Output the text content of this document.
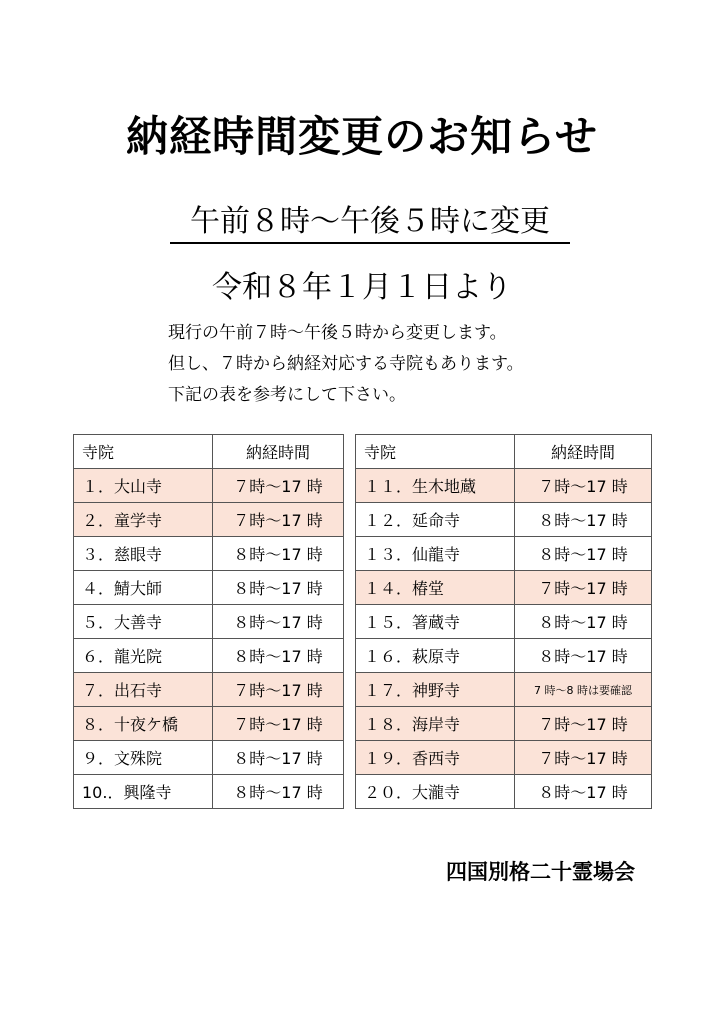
納経時間変更のお知らせ
午前８時～午後５時に変更
令和８年１月１日より
現行の午前７時～午後５時から変更します。
但し、７時から納経対応する寺院もあります。
下記の表を参考にして下さい。
寺院	納経時間
１．大山寺	７時～17 時
２．童学寺	７時～17 時
３．慈眼寺	８時～17 時
４．鯖大師	８時～17 時
５．大善寺	８時～17 時
６．龍光院	８時～17 時
７．出石寺	７時～17 時
８．十夜ケ橋	７時～17 時
９．文殊院	８時～17 時
10.．興隆寺	８時～17 時
寺院	納経時間
１１．生木地蔵	７時～17 時
１２．延命寺	８時～17 時
１３．仙龍寺	８時～17 時
１４．椿堂	７時～17 時
１５．箸蔵寺	８時～17 時
１６．萩原寺	８時～17 時
１７．神野寺	7 時～8 時は要確認
１８．海岸寺	７時～17 時
１９．香西寺	７時～17 時
２０．大瀧寺	８時～17 時
四国別格二十霊場会
